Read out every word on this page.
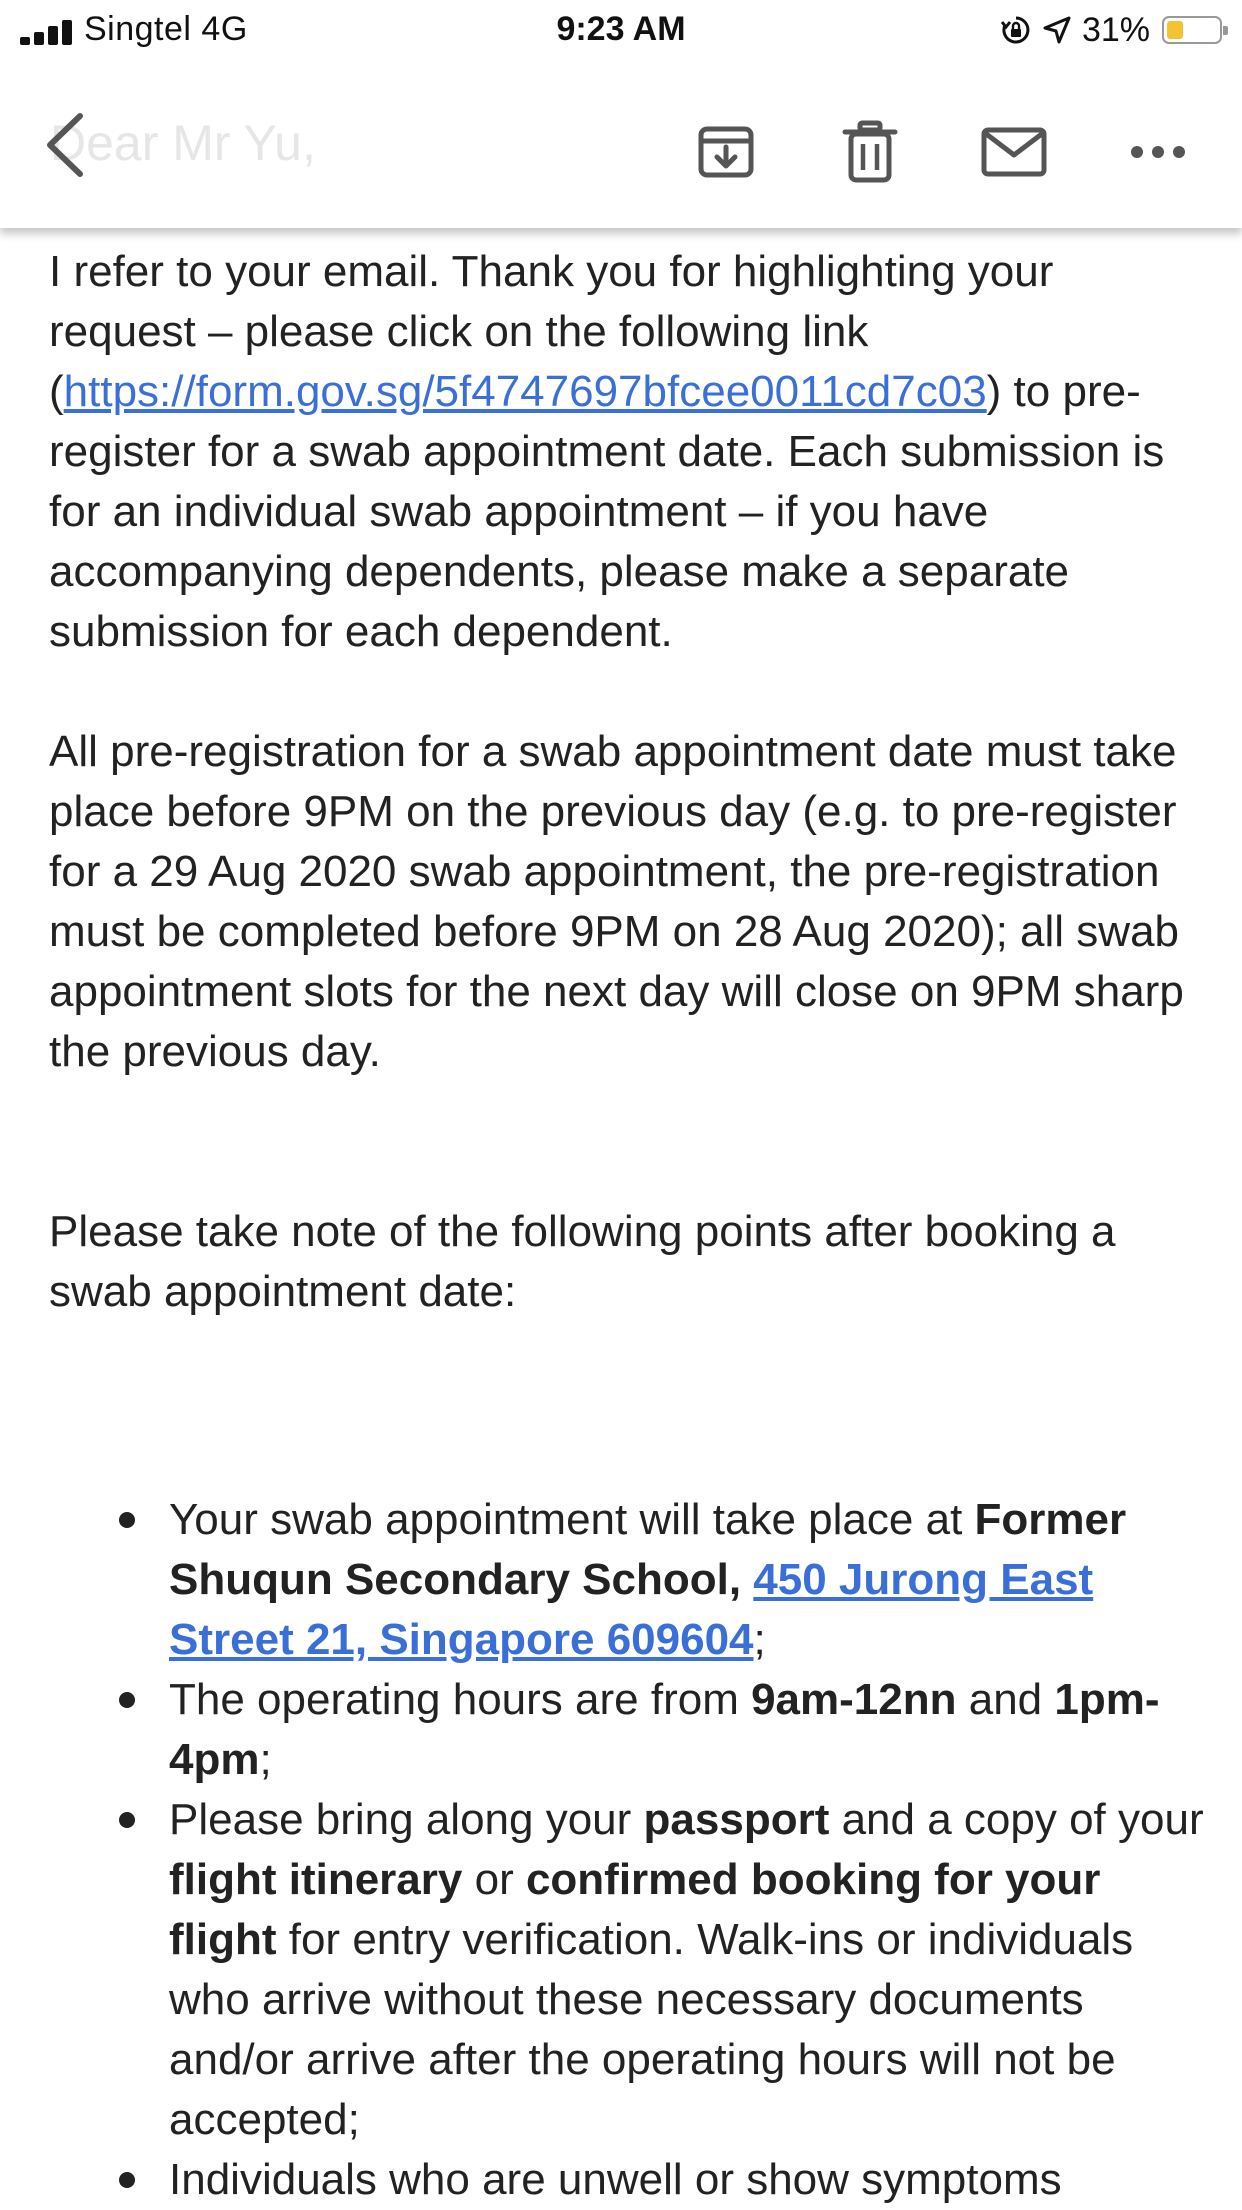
Singtel 4G	9:23 AM	31%
Dear Mr Yu,

I refer to your email. Thank you for highlighting your request – please click on the following link (https://form.gov.sg/5f4747697bfcee0011cd7c03) to pre-register for a swab appointment date. Each submission is for an individual swab appointment – if you have accompanying dependents, please make a separate submission for each dependent.

All pre-registration for a swab appointment date must take place before 9PM on the previous day (e.g. to pre-register for a 29 Aug 2020 swab appointment, the pre-registration must be completed before 9PM on 28 Aug 2020); all swab appointment slots for the next day will close on 9PM sharp the previous day.

Please take note of the following points after booking a swab appointment date:

Your swab appointment will take place at Former Shuqun Secondary School, 450 Jurong East Street 21, Singapore 609604;
The operating hours are from 9am-12nn and 1pm-4pm;
Please bring along your passport and a copy of your flight itinerary or confirmed booking for your flight for entry verification. Walk-ins or individuals who arrive without these necessary documents and/or arrive after the operating hours will not be accepted;
Individuals who are unwell or show symptoms
